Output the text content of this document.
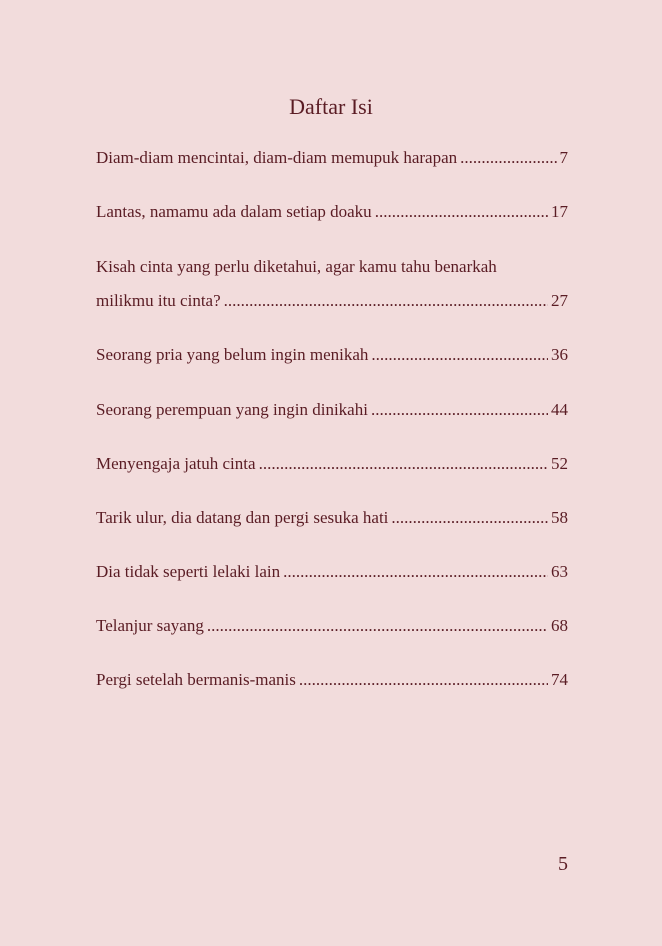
Daftar Isi
Diam-diam mencintai, diam-diam memupuk harapan .....	7
Lantas, namamu ada dalam setiap doaku .....	17
Kisah cinta yang perlu diketahui, agar kamu tahu benarkah
milikmu itu cinta? .....	27
Seorang pria yang belum ingin menikah .....	36
Seorang perempuan yang ingin dinikahi .....	44
Menyengaja jatuh cinta .....	52
Tarik ulur, dia datang dan pergi sesuka hati .....	58
Dia tidak seperti lelaki lain .....	63
Telanjur sayang .....	68
Pergi setelah bermanis-manis .....	74
5
